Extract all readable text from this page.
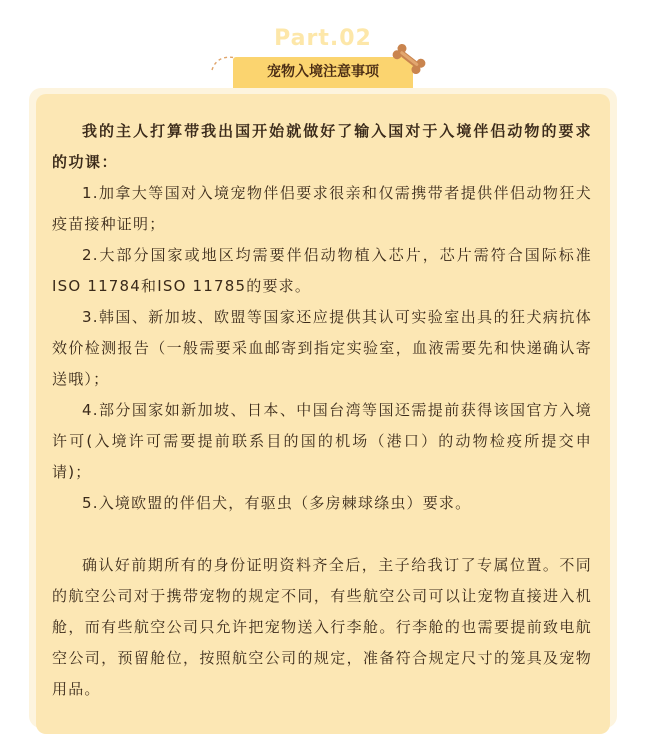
Part.02
宠物入境注意事项

我的主人打算带我出国开始就做好了输入国对于入境伴侣动物的要求的功课：

1.加拿大等国对入境宠物伴侣要求很亲和仅需携带者提供伴侣动物狂犬疫苗接种证明；

2.大部分国家或地区均需要伴侣动物植入芯片，芯片需符合国际标准ISO 11784和ISO 11785的要求。

3.韩国、新加坡、欧盟等国家还应提供其认可实验室出具的狂犬病抗体效价检测报告（一般需要采血邮寄到指定实验室，血液需要先和快递确认寄送哦）；

4.部分国家如新加坡、日本、中国台湾等国还需提前获得该国官方入境许可(入境许可需要提前联系目的国的机场（港口）的动物检疫所提交申请)；

5.入境欧盟的伴侣犬，有驱虫（多房棘球绦虫）要求。

确认好前期所有的身份证明资料齐全后，主子给我订了专属位置。不同的航空公司对于携带宠物的规定不同，有些航空公司可以让宠物直接进入机舱，而有些航空公司只允许把宠物送入行李舱。行李舱的也需要提前致电航空公司，预留舱位，按照航空公司的规定，准备符合规定尺寸的笼具及宠物用品。
